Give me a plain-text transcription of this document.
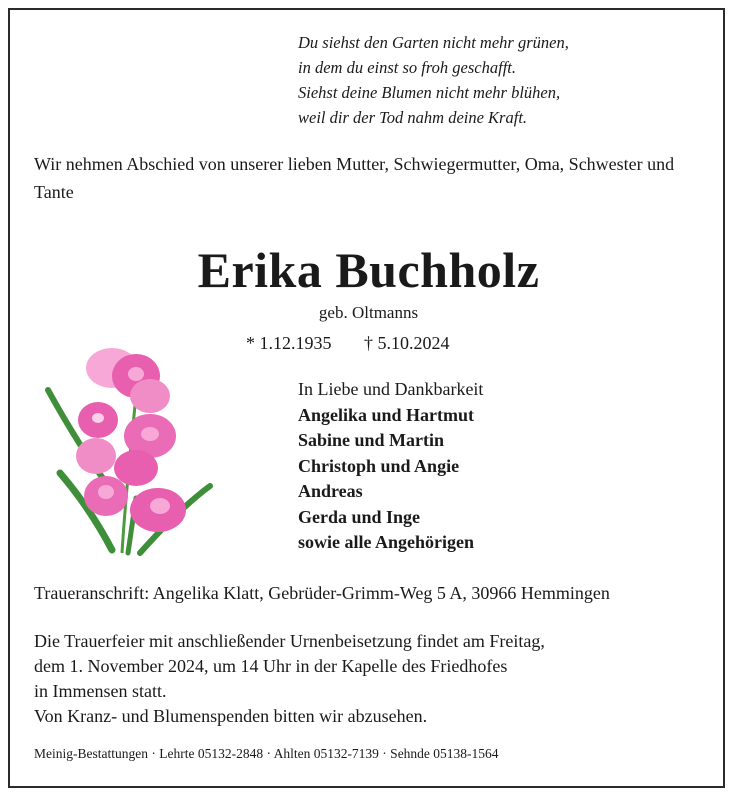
Du siehst den Garten nicht mehr grünen,
in dem du einst so froh geschafft.
Siehst deine Blumen nicht mehr blühen,
weil dir der Tod nahm deine Kraft.
Wir nehmen Abschied von unserer lieben Mutter, Schwiegermutter, Oma, Schwester und Tante
Erika Buchholz
geb. Oltmanns
* 1.12.1935 † 5.10.2024
In Liebe und Dankbarkeit
Angelika und Hartmut
Sabine und Martin
Christoph und Angie
Andreas
Gerda und Inge
sowie alle Angehörigen
Traueranschrift: Angelika Klatt, Gebrüder-Grimm-Weg 5 A, 30966 Hemmingen
Die Trauerfeier mit anschließender Urnenbeisetzung findet am Freitag,
dem 1. November 2024, um 14 Uhr in der Kapelle des Friedhofes
in Immensen statt.
Von Kranz- und Blumenspenden bitten wir abzusehen.
Meinig-Bestattungen · Lehrte 05132-2848 · Ahlten 05132-7139 · Sehnde 05138-1564
